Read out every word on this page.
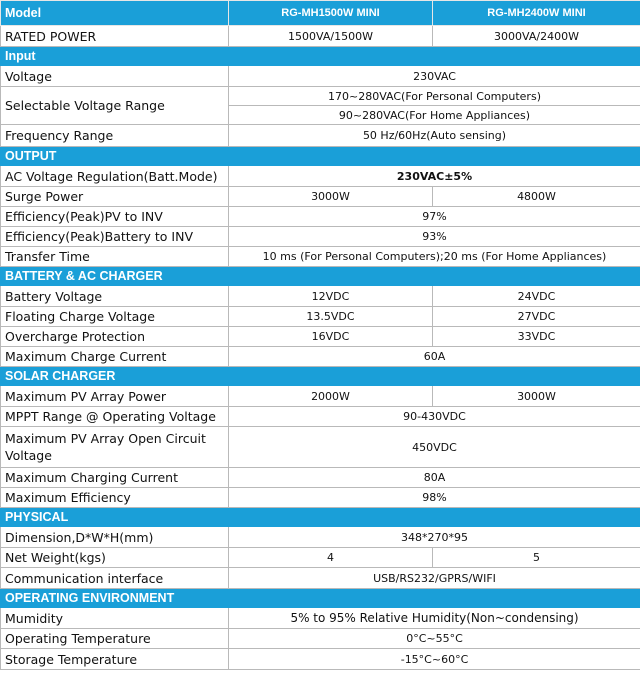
Model	RG-MH1500W MINI	RG-MH2400W MINI
RATED POWER	1500VA/1500W	3000VA/2400W
Input		
Voltage	230VAC	
Selectable Voltage Range	170~280VAC(For Personal Computers)	
	90~280VAC(For Home Appliances)	
Frequency Range	50 Hz/60Hz(Auto sensing)	
OUTPUT		
AC Voltage Regulation(Batt.Mode)	230VAC±5%	
Surge Power	3000W	4800W
Efficiency(Peak)PV to INV	97%	
Efficiency(Peak)Battery to INV	93%	
Transfer Time	10 ms (For Personal Computers);20 ms (For Home Appliances)	
BATTERY & AC CHARGER		
Battery Voltage	12VDC	24VDC
Floating Charge Voltage	13.5VDC	27VDC
Overcharge Protection	16VDC	33VDC
Maximum Charge Current	60A	
SOLAR CHARGER		
Maximum PV Array Power	2000W	3000W
MPPT Range @ Operating Voltage	90-430VDC	
Maximum PV Array Open Circuit Voltage	450VDC	
Maximum Charging Current	80A	
Maximum Efficiency	98%	
PHYSICAL		
Dimension,D*W*H(mm)	348*270*95	
Net Weight(kgs)	4	5
Communication interface	USB/RS232/GPRS/WIFI	
OPERATING ENVIRONMENT		
Mumidity	5% to 95% Relative Humidity(Non~condensing)	
Operating Temperature	0°C~55°C	
Storage Temperature	-15°C~60°C	
